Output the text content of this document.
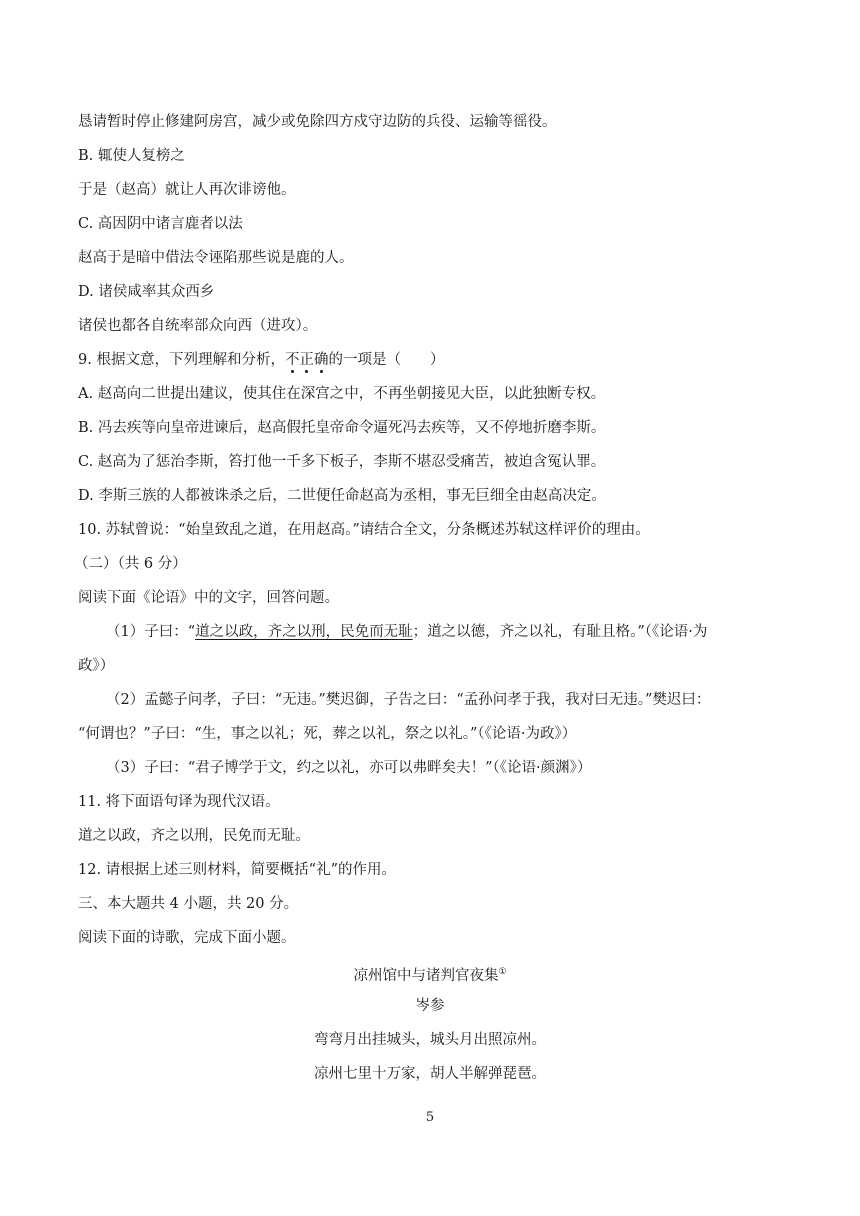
恳请暂时停止修建阿房宫，减少或免除四方戍守边防的兵役、运输等徭役。
B. 辄使人复榜之
于是（赵高）就让人再次诽谤他。
C. 高因阴中诸言鹿者以法
赵高于是暗中借法令诬陷那些说是鹿的人。
D. 诸侯咸率其众西乡
诸侯也都各自统率部众向西（进攻）。
9. 根据文意，下列理解和分析，不正确的一项是（　　）
A. 赵高向二世提出建议，使其住在深宫之中，不再坐朝接见大臣，以此独断专权。
B. 冯去疾等向皇帝进谏后，赵高假托皇帝命令逼死冯去疾等，又不停地折磨李斯。
C. 赵高为了惩治李斯，笞打他一千多下板子，李斯不堪忍受痛苦，被迫含冤认罪。
D. 李斯三族的人都被诛杀之后，二世便任命赵高为丞相，事无巨细全由赵高决定。
10. 苏轼曾说：“始皇致乱之道，在用赵高。”请结合全文，分条概述苏轼这样评价的理由。
（二）（共 6 分）
阅读下面《论语》中的文字，回答问题。
（1）子曰：“道之以政，齐之以刑，民免而无耻；道之以德，齐之以礼，有耻且格。”（《论语·为
政》）
（2）孟懿子问孝，子曰：“无违。”樊迟御，子告之曰：“孟孙问孝于我，我对曰无违。”樊迟曰：
“何谓也？”子曰：“生，事之以礼；死，葬之以礼，祭之以礼。”（《论语·为政》）
（3）子曰：“君子博学于文，约之以礼，亦可以弗畔矣夫！”（《论语·颜渊》）
11. 将下面语句译为现代汉语。
道之以政，齐之以刑，民免而无耻。
12. 请根据上述三则材料，简要概括“礼”的作用。
三、本大题共 4 小题，共 20 分。
阅读下面的诗歌，完成下面小题。
凉州馆中与诸判官夜集①
岑参
弯弯月出挂城头，城头月出照凉州。
凉州七里十万家，胡人半解弹琵琶。
5
